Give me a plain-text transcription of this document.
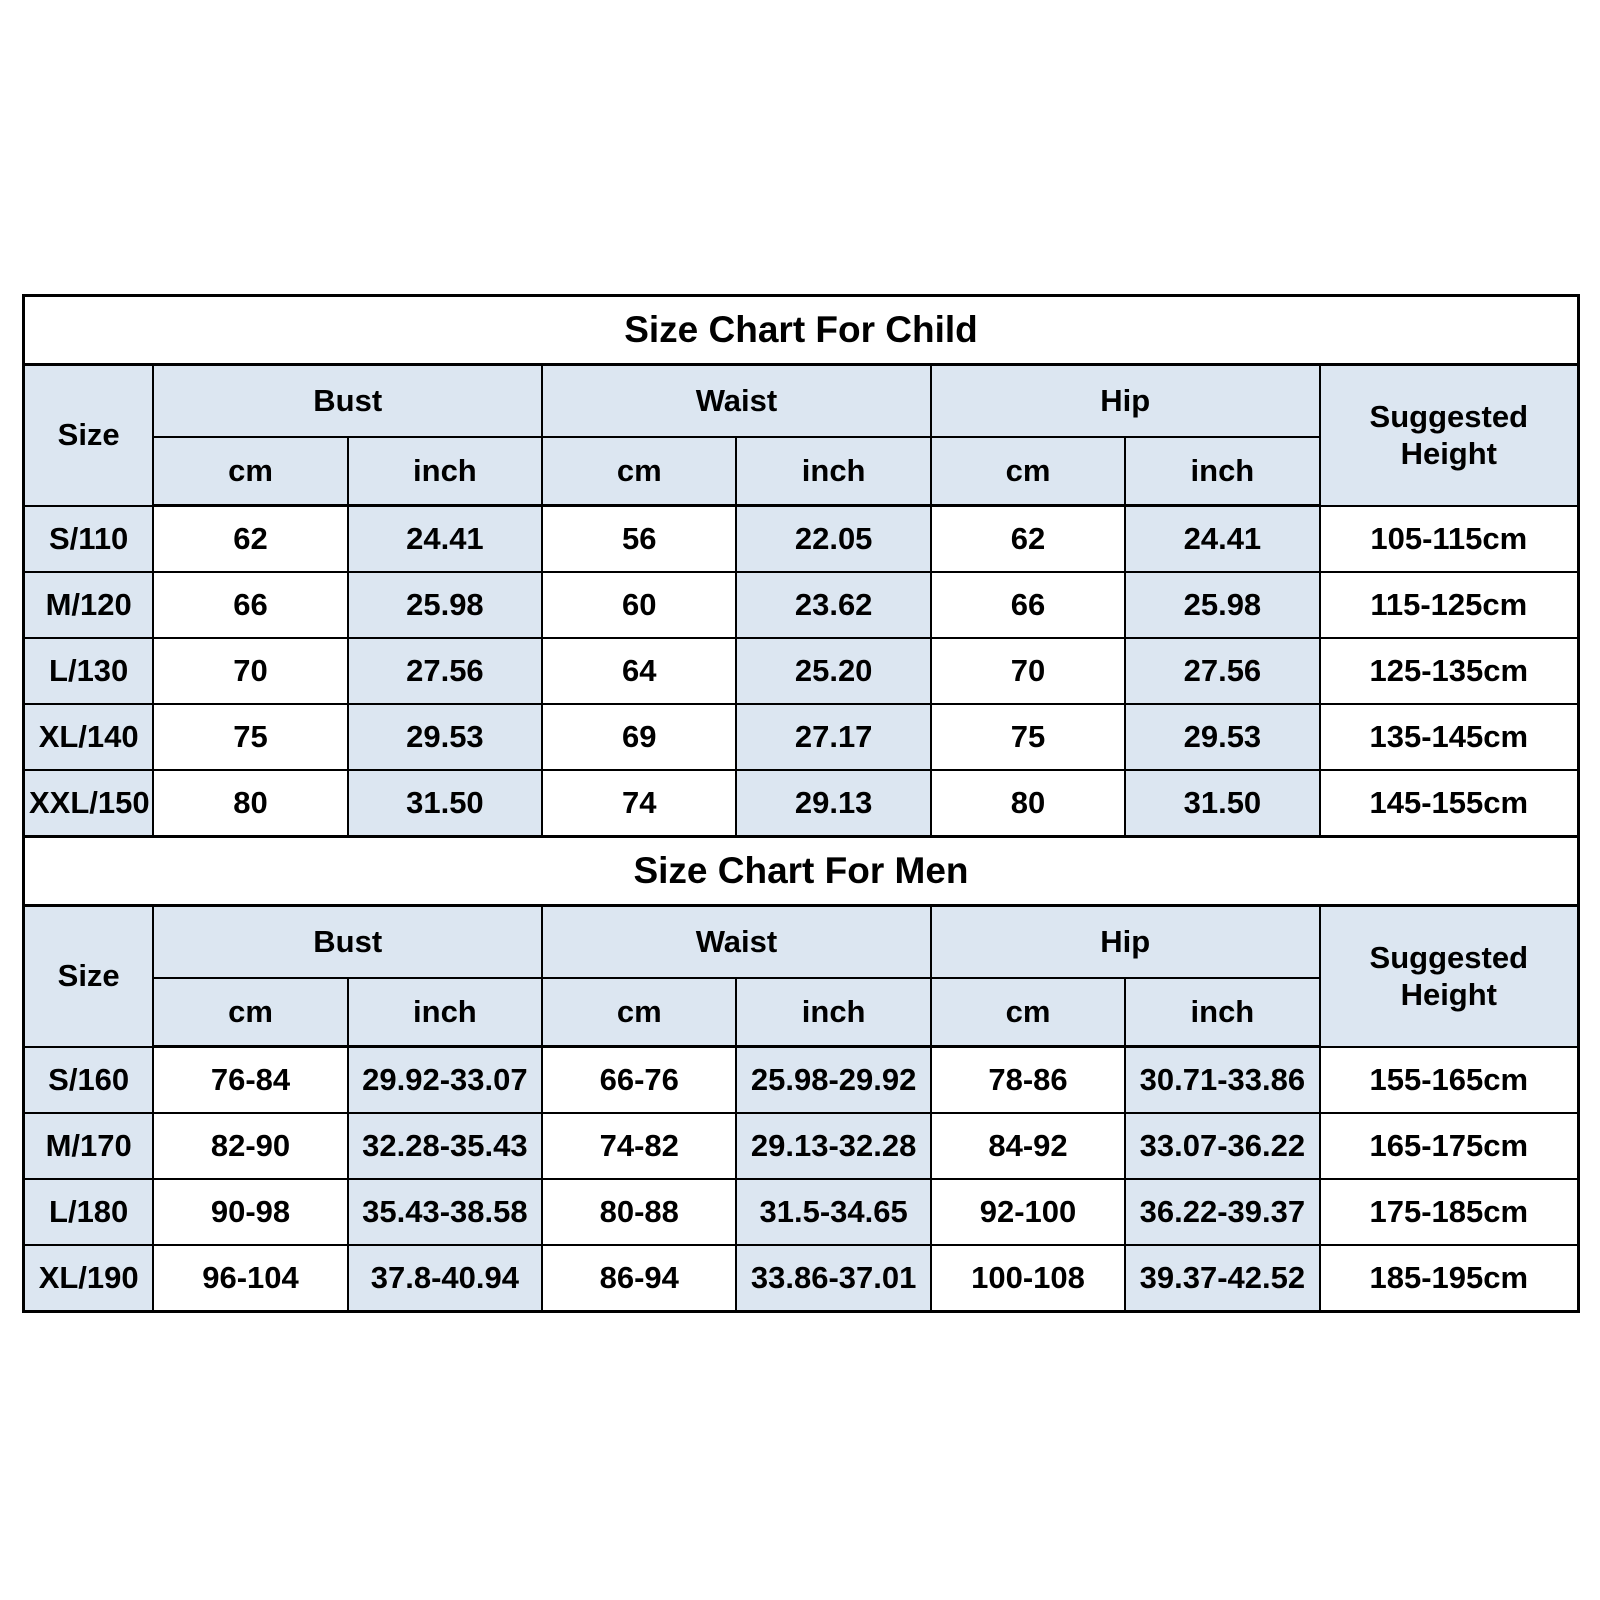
Size Chart For Child							
Size	Bust		Waist		Hip		Suggested Height
	cm	inch	cm	inch	cm	inch	
S/110	62	24.41	56	22.05	62	24.41	105-115cm
M/120	66	25.98	60	23.62	66	25.98	115-125cm
L/130	70	27.56	64	25.20	70	27.56	125-135cm
XL/140	75	29.53	69	27.17	75	29.53	135-145cm
XXL/150	80	31.50	74	29.13	80	31.50	145-155cm
Size Chart For Men							
Size	Bust		Waist		Hip		Suggested Height
	cm	inch	cm	inch	cm	inch	
S/160	76-84	29.92-33.07	66-76	25.98-29.92	78-86	30.71-33.86	155-165cm
M/170	82-90	32.28-35.43	74-82	29.13-32.28	84-92	33.07-36.22	165-175cm
L/180	90-98	35.43-38.58	80-88	31.5-34.65	92-100	36.22-39.37	175-185cm
XL/190	96-104	37.8-40.94	86-94	33.86-37.01	100-108	39.37-42.52	185-195cm
